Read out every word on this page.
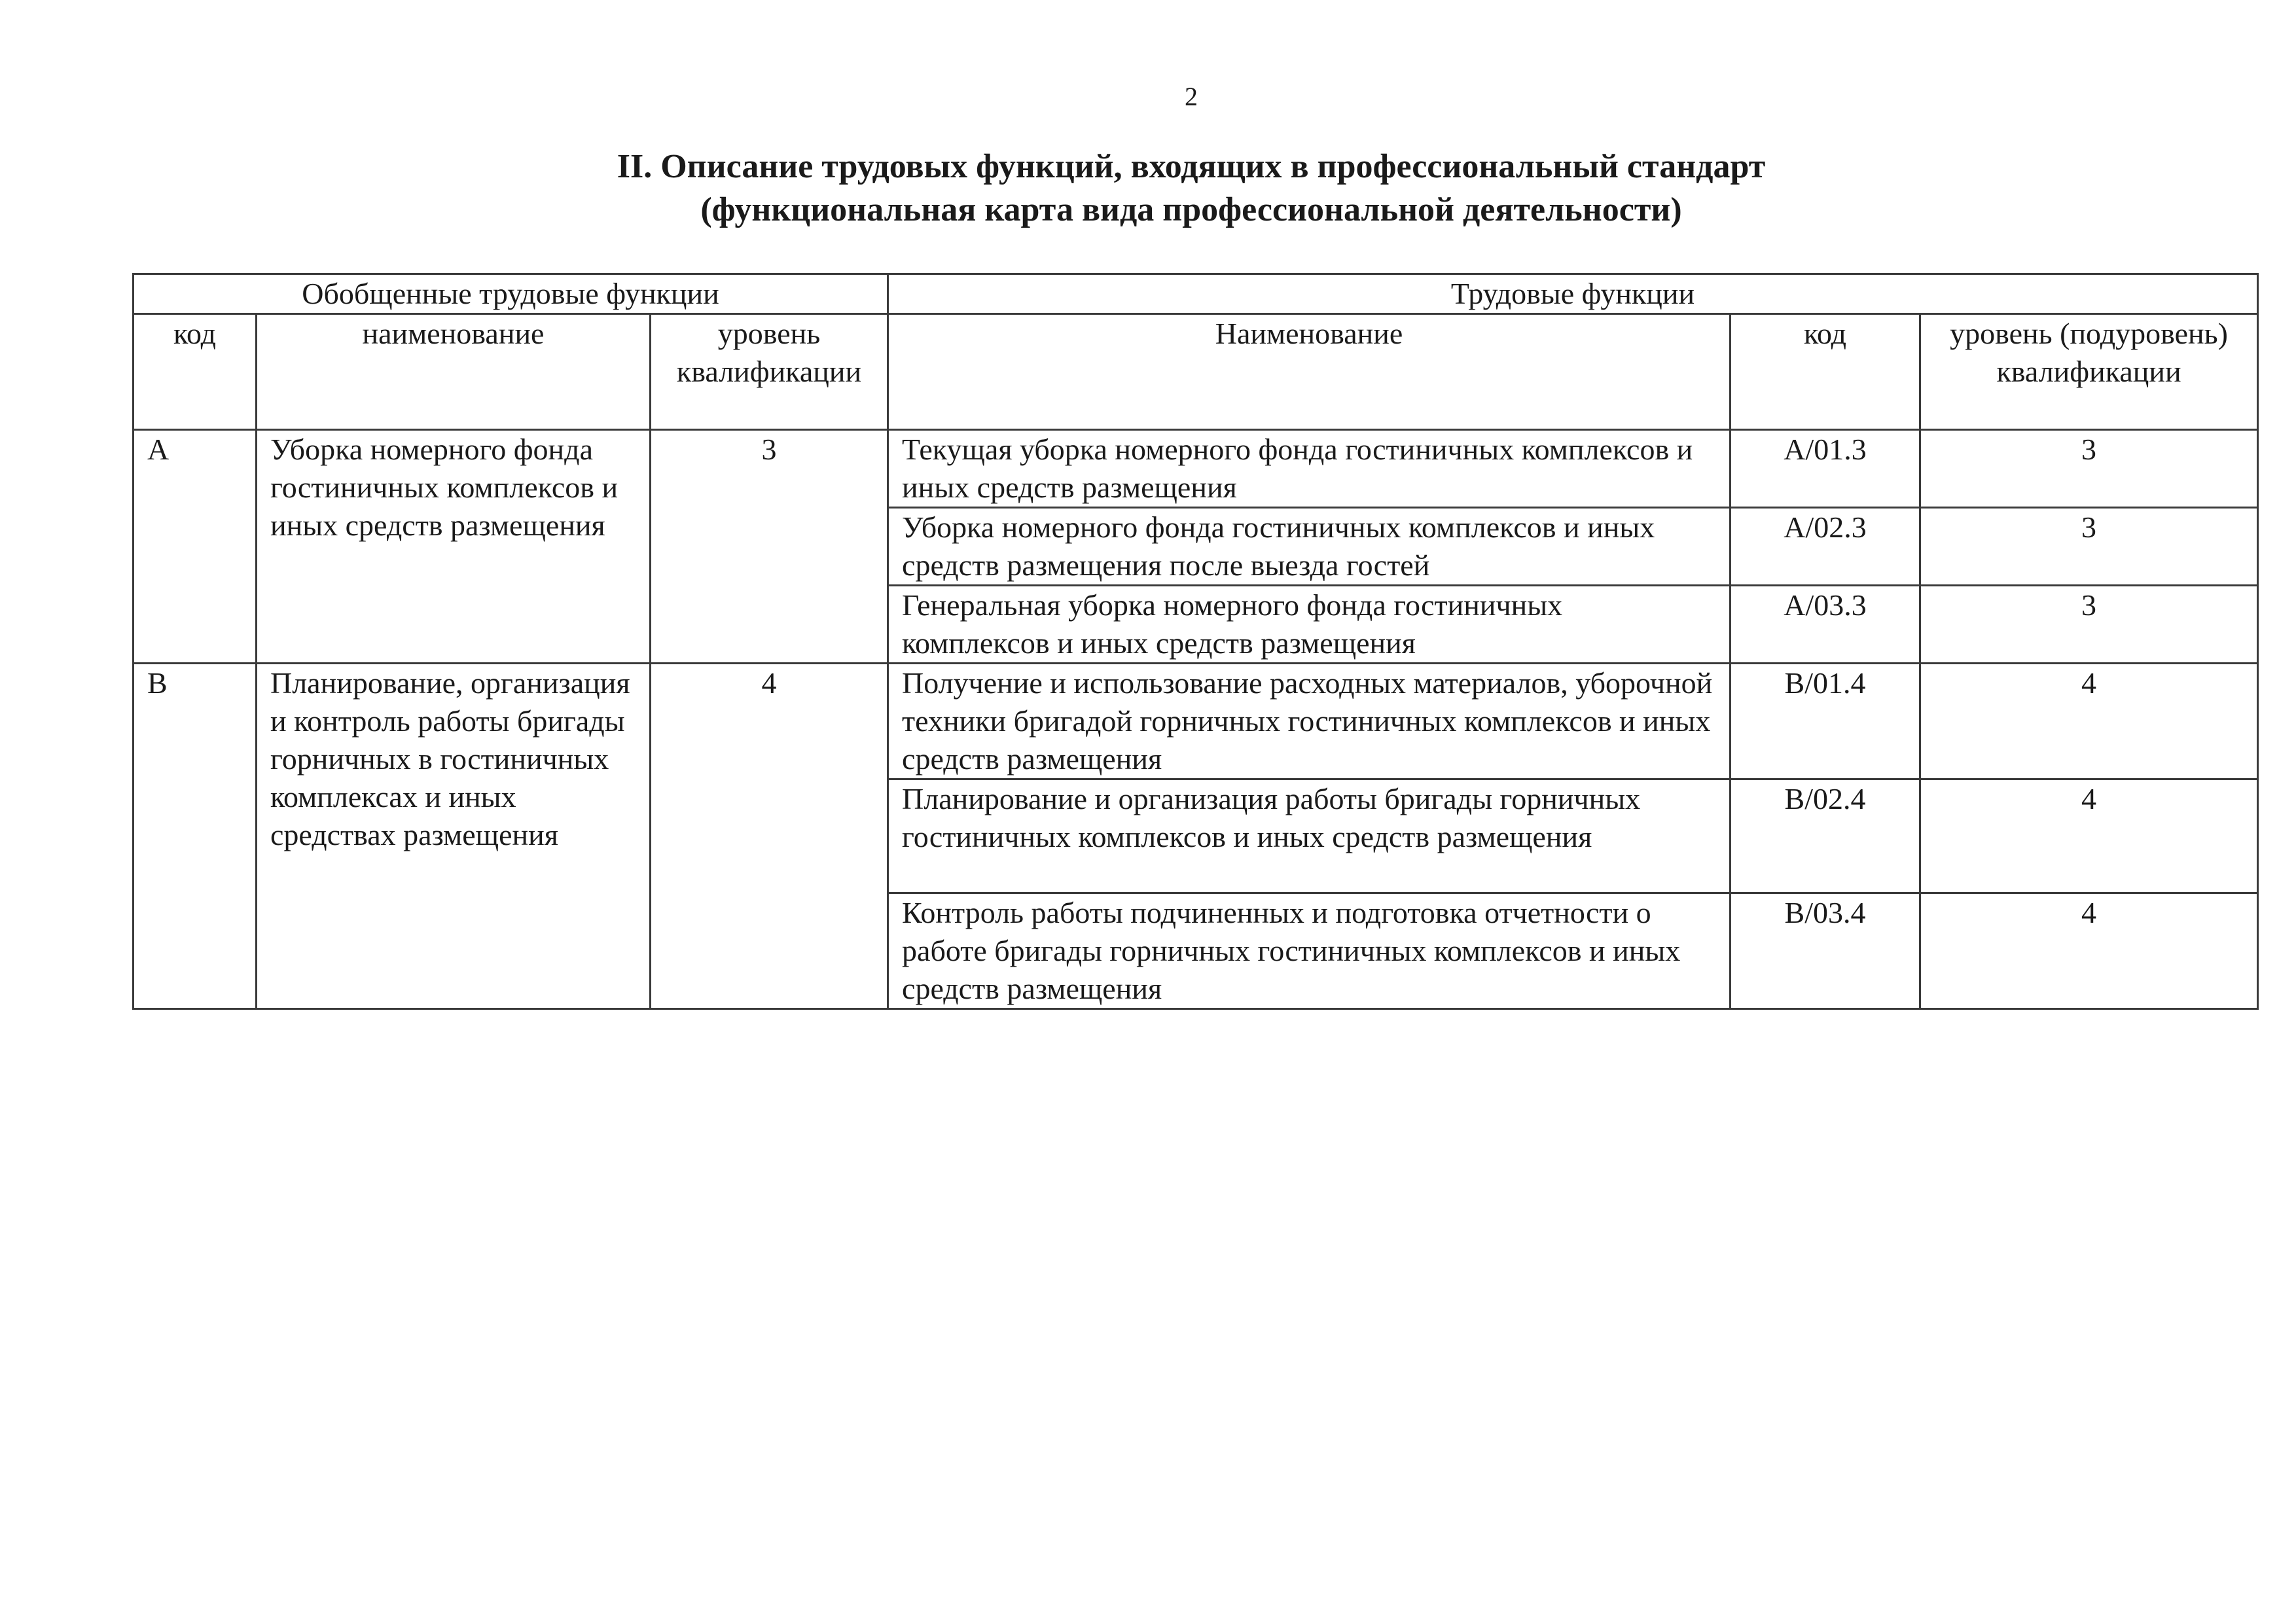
2
II. Описание трудовых функций, входящих в профессиональный стандарт
(функциональная карта вида профессиональной деятельности)
Обобщенные трудовые функции			Трудовые функции		
код	наименование	уровень квалификации	Наименование	код	уровень (подуровень) квалификации
A	Уборка номерного фонда гостиничных комплексов и иных средств размещения	3	Текущая уборка номерного фонда гостиничных комплексов и иных средств размещения	A/01.3	3
			Уборка номерного фонда гостиничных комплексов и иных средств размещения после выезда гостей	A/02.3	3
			Генеральная уборка номерного фонда гостиничных комплексов и иных средств размещения	A/03.3	3
B	Планирование, организация и контроль работы бригады горничных в гостиничных комплексах и иных средствах размещения	4	Получение и использование расходных материалов, уборочной техники бригадой горничных гостиничных комплексов и иных средств размещения	B/01.4	4
			Планирование и организация работы бригады горничных гостиничных комплексов и иных средств размещения	B/02.4	4
			Контроль работы подчиненных и подготовка отчетности о работе бригады горничных гостиничных комплексов и иных средств размещения	B/03.4	4
